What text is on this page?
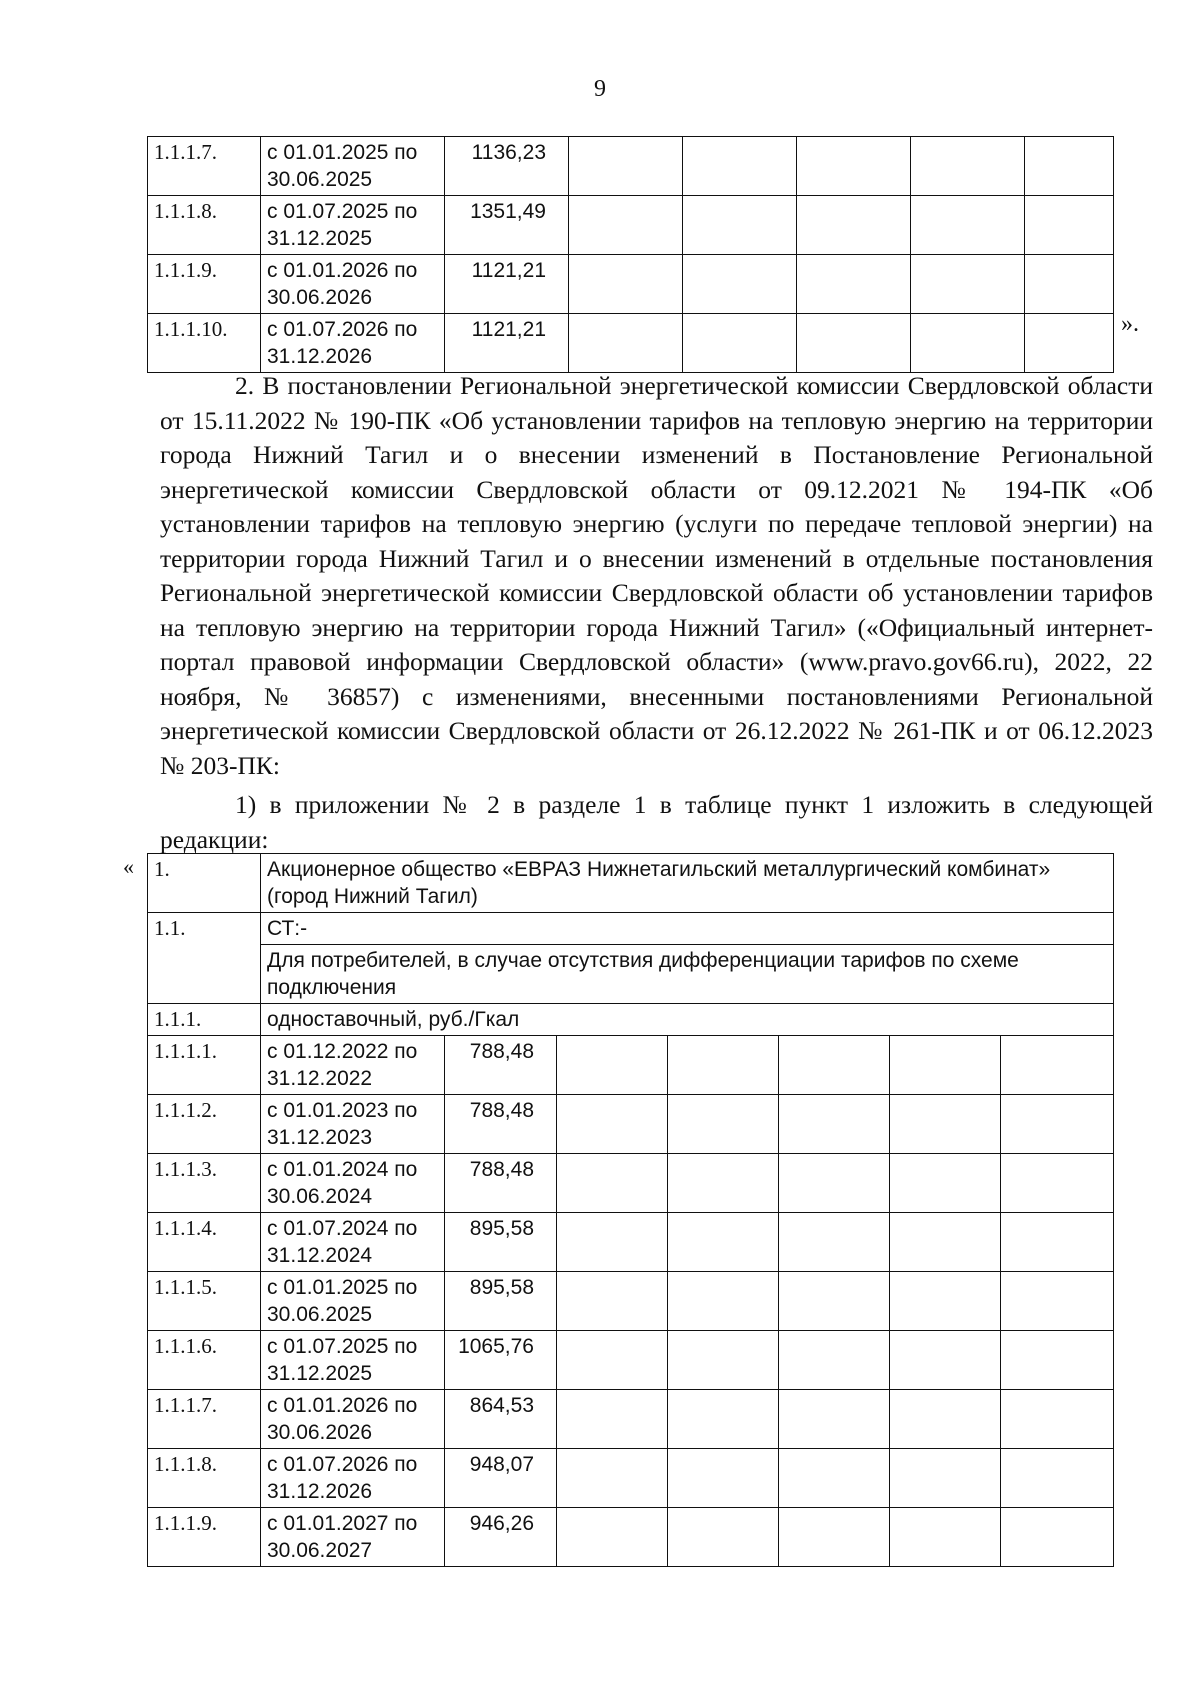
9
1.1.1.7.	с 01.01.2025 по
30.06.2025	1136,23					
1.1.1.8.	с 01.07.2025 по
31.12.2025	1351,49					
1.1.1.9.	с 01.01.2026 по
30.06.2026	1121,21					
1.1.1.10.	с 01.07.2026 по
31.12.2026	1121,21						».
2. В постановлении Региональной энергетической комиссии Свердловской области от 15.11.2022 № 190-ПК «Об установлении тарифов на тепловую энергию на территории города Нижний Тагил и о внесении изменений в Постановление Региональной энергетической комиссии Свердловской области от 09.12.2021 № 194-ПК «Об установлении тарифов на тепловую энергию (услуги по передаче тепловой энергии) на территории города Нижний Тагил и о внесении изменений в отдельные постановления Региональной энергетической комиссии Свердловской области об установлении тарифов на тепловую энергию на территории города Нижний Тагил» («Официальный интернет-портал правовой информации Свердловской области» (www.pravo.gov66.ru), 2022, 22 ноября, № 36857) с изменениями, внесенными постановлениями Региональной энергетической комиссии Свердловской области от 26.12.2022 № 261-ПК и от 06.12.2023 № 203-ПК:
1) в приложении № 2 в разделе 1 в таблице пункт 1 изложить в следующей редакции:
« 1.	Акционерное общество «ЕВРАЗ Нижнетагильский металлургический комбинат» (город Нижний Тагил)						
1.1.	СТ:-						
	Для потребителей, в случае отсутствия дифференциации тарифов по схеме подключения						
1.1.1.	одноставочный, руб./Гкал						
1.1.1.1.	с 01.12.2022 по
31.12.2022	788,48					
1.1.1.2.	с 01.01.2023 по
31.12.2023	788,48					
1.1.1.3.	с 01.01.2024 по
30.06.2024	788,48					
1.1.1.4.	с 01.07.2024 по
31.12.2024	895,58					
1.1.1.5.	с 01.01.2025 по
30.06.2025	895,58					
1.1.1.6.	с 01.07.2025 по
31.12.2025	1065,76					
1.1.1.7.	с 01.01.2026 по
30.06.2026	864,53					
1.1.1.8.	с 01.07.2026 по
31.12.2026	948,07					
1.1.1.9.	с 01.01.2027 по
30.06.2027	946,26					
